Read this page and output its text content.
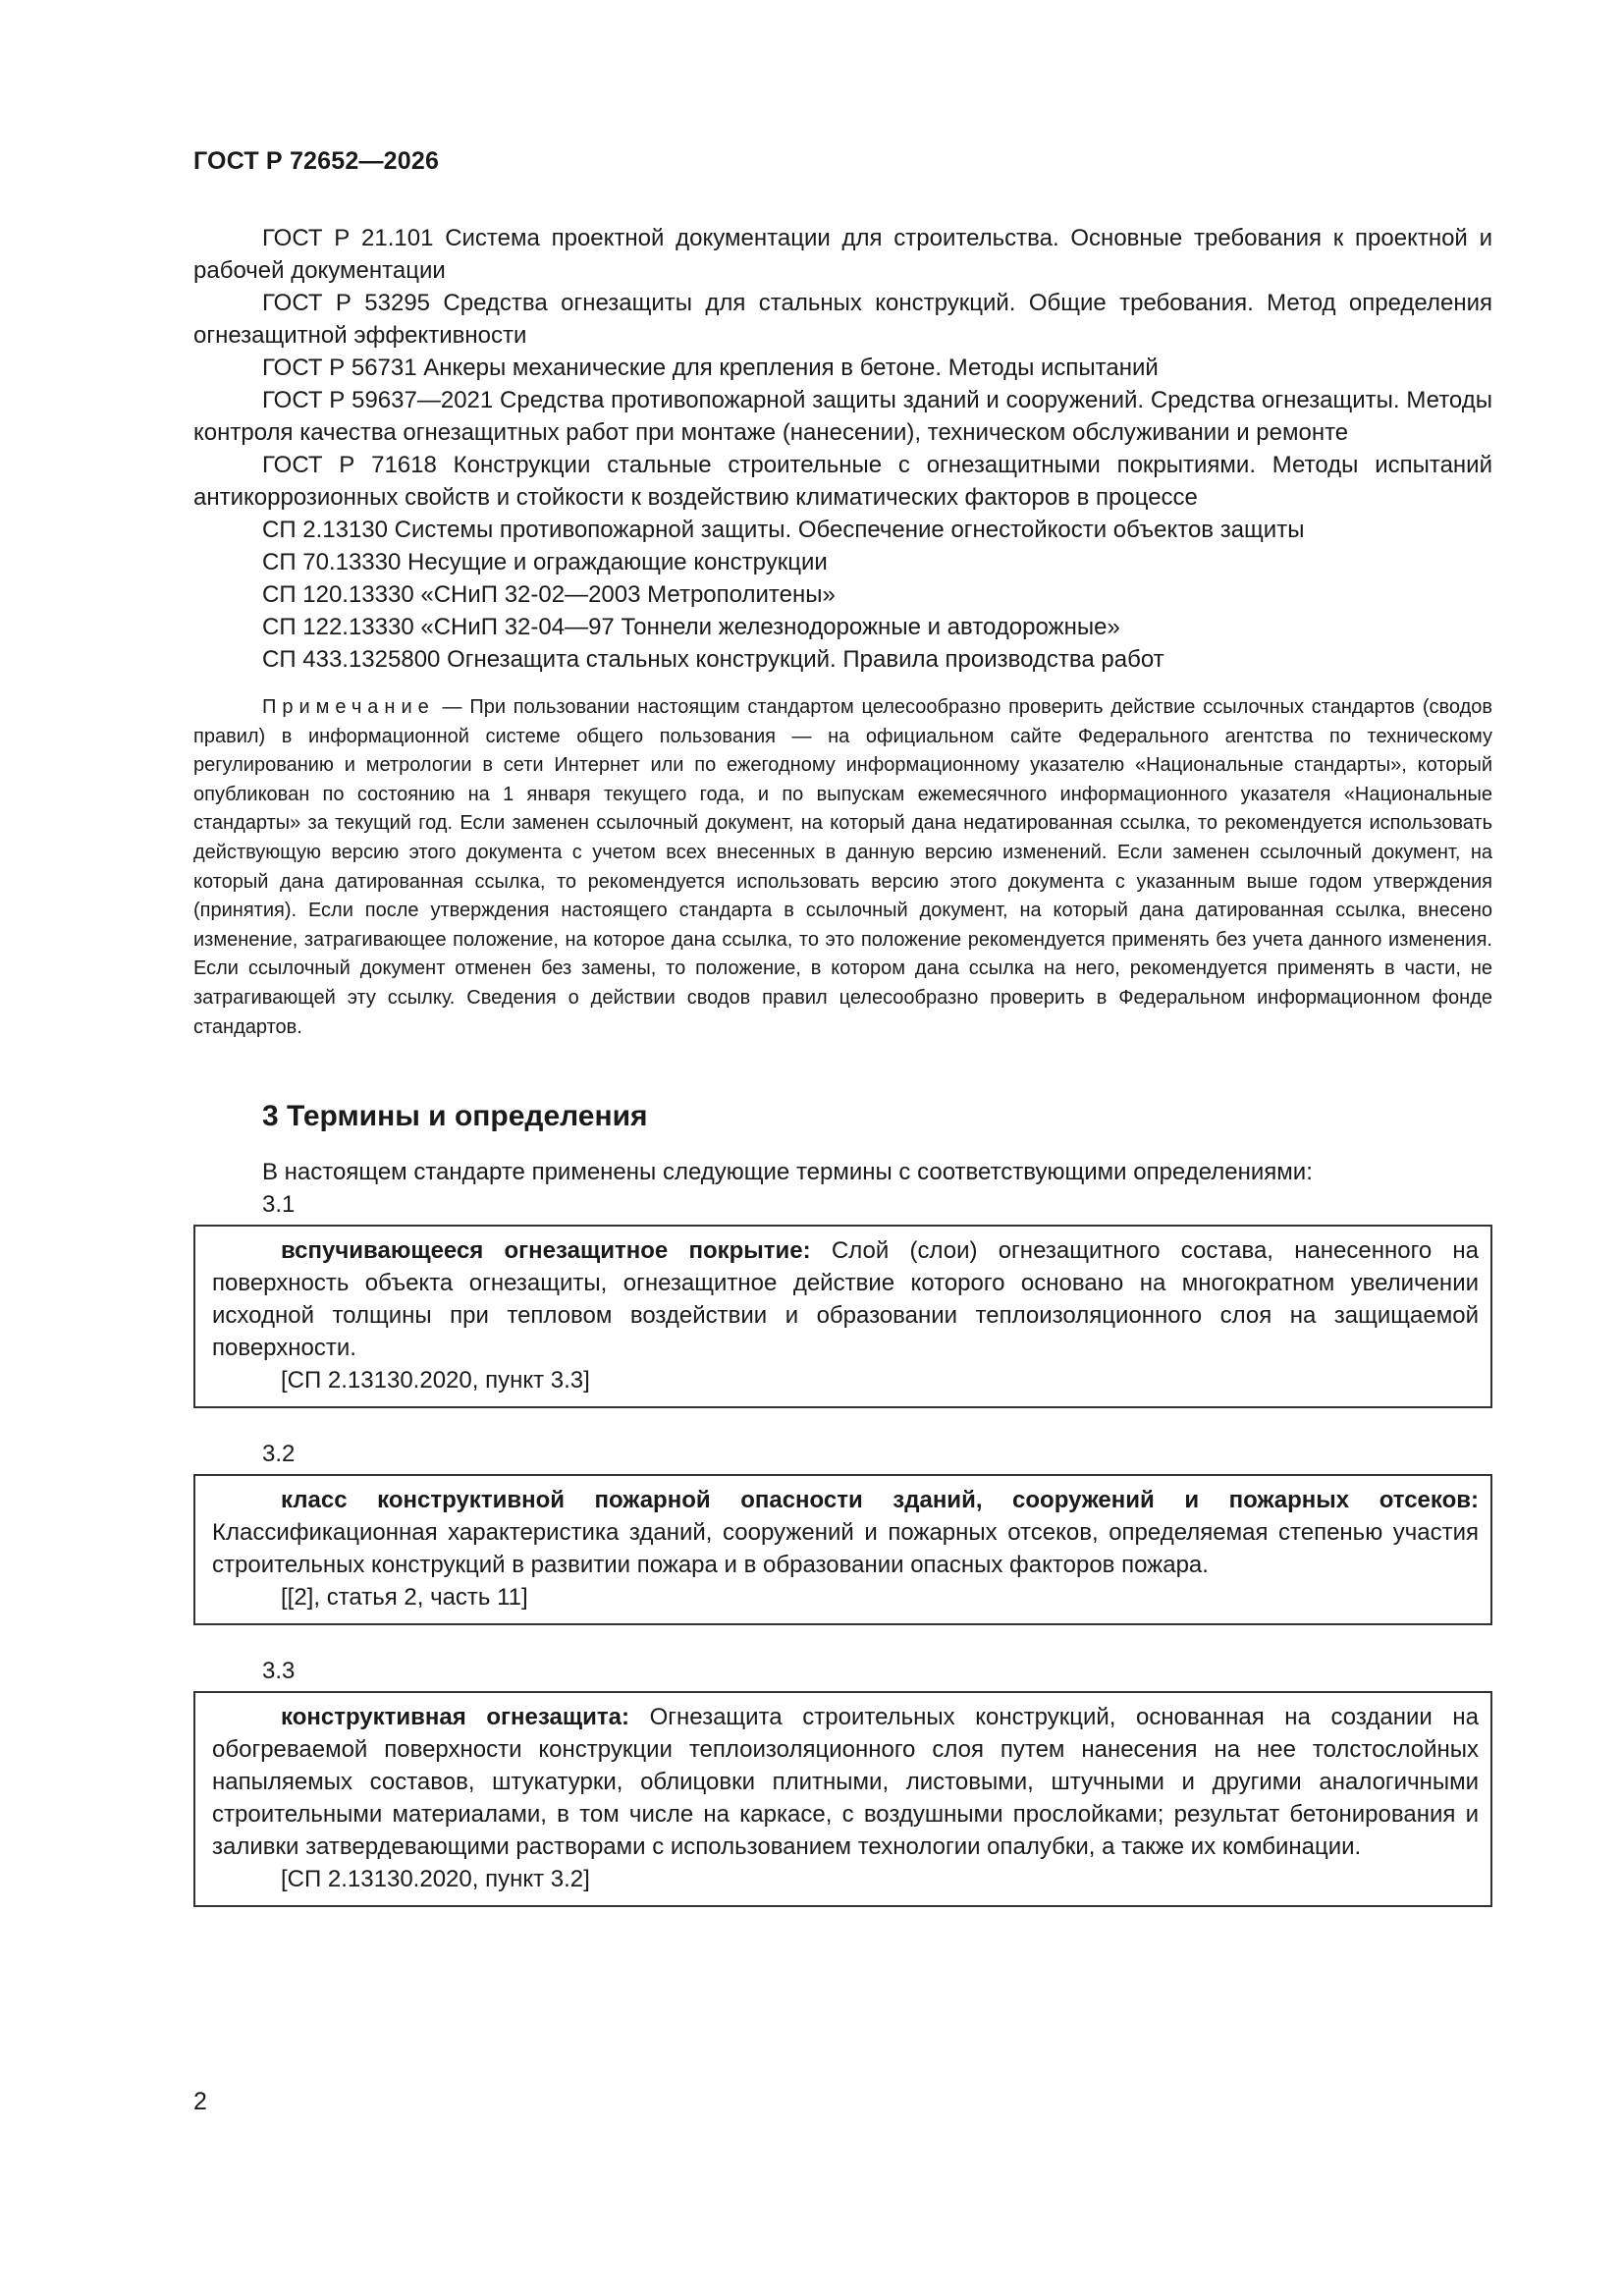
ГОСТ Р 72652—2026

ГОСТ Р 21.101 Система проектной документации для строительства. Основные требования к проектной и рабочей документации

ГОСТ Р 53295 Средства огнезащиты для стальных конструкций. Общие требования. Метод определения огнезащитной эффективности

ГОСТ Р 56731 Анкеры механические для крепления в бетоне. Методы испытаний

ГОСТ Р 59637—2021 Средства противопожарной защиты зданий и сооружений. Средства огнезащиты. Методы контроля качества огнезащитных работ при монтаже (нанесении), техническом обслуживании и ремонте

ГОСТ Р 71618 Конструкции стальные строительные с огнезащитными покрытиями. Методы испытаний антикоррозионных свойств и стойкости к воздействию климатических факторов в процессе

СП 2.13130 Системы противопожарной защиты. Обеспечение огнестойкости объектов защиты

СП 70.13330 Несущие и ограждающие конструкции

СП 120.13330 «СНиП 32-02—2003 Метрополитены»

СП 122.13330 «СНиП 32-04—97 Тоннели железнодорожные и автодорожные»

СП 433.1325800 Огнезащита стальных конструкций. Правила производства работ

Примечание — При пользовании настоящим стандартом целесообразно проверить действие ссылочных стандартов (сводов правил) в информационной системе общего пользования — на официальном сайте Федерального агентства по техническому регулированию и метрологии в сети Интернет или по ежегодному информационному указателю «Национальные стандарты», который опубликован по состоянию на 1 января текущего года, и по выпускам ежемесячного информационного указателя «Национальные стандарты» за текущий год. Если заменен ссылочный документ, на который дана недатированная ссылка, то рекомендуется использовать действующую версию этого документа с учетом всех внесенных в данную версию изменений. Если заменен ссылочный документ, на который дана датированная ссылка, то рекомендуется использовать версию этого документа с указанным выше годом утверждения (принятия). Если после утверждения настоящего стандарта в ссылочный документ, на который дана датированная ссылка, внесено изменение, затрагивающее положение, на которое дана ссылка, то это положение рекомендуется применять без учета данного изменения. Если ссылочный документ отменен без замены, то положение, в котором дана ссылка на него, рекомендуется применять в части, не затрагивающей эту ссылку. Сведения о действии сводов правил целесообразно проверить в Федеральном информационном фонде стандартов.
3 Термины и определения
В настоящем стандарте применены следующие термины с соответствующими определениями:
3.1

вспучивающееся огнезащитное покрытие: Слой (слои) огнезащитного состава, нанесенного на поверхность объекта огнезащиты, огнезащитное действие которого основано на многократном увеличении исходной толщины при тепловом воздействии и образовании теплоизоляционного слоя на защищаемой поверхности.

[СП 2.13130.2020, пункт 3.3]

3.2

класс конструктивной пожарной опасности зданий, сооружений и пожарных отсеков: Классификационная характеристика зданий, сооружений и пожарных отсеков, определяемая степенью участия строительных конструкций в развитии пожара и в образовании опасных факторов пожара.

[[2], статья 2, часть 11]

3.3

конструктивная огнезащита: Огнезащита строительных конструкций, основанная на создании на обогреваемой поверхности конструкции теплоизоляционного слоя путем нанесения на нее толстослойных напыляемых составов, штукатурки, облицовки плитными, листовыми, штучными и другими аналогичными строительными материалами, в том числе на каркасе, с воздушными прослойками; результат бетонирования и заливки затвердевающими растворами с использованием технологии опалубки, а также их комбинации.

[СП 2.13130.2020, пункт 3.2]

2
